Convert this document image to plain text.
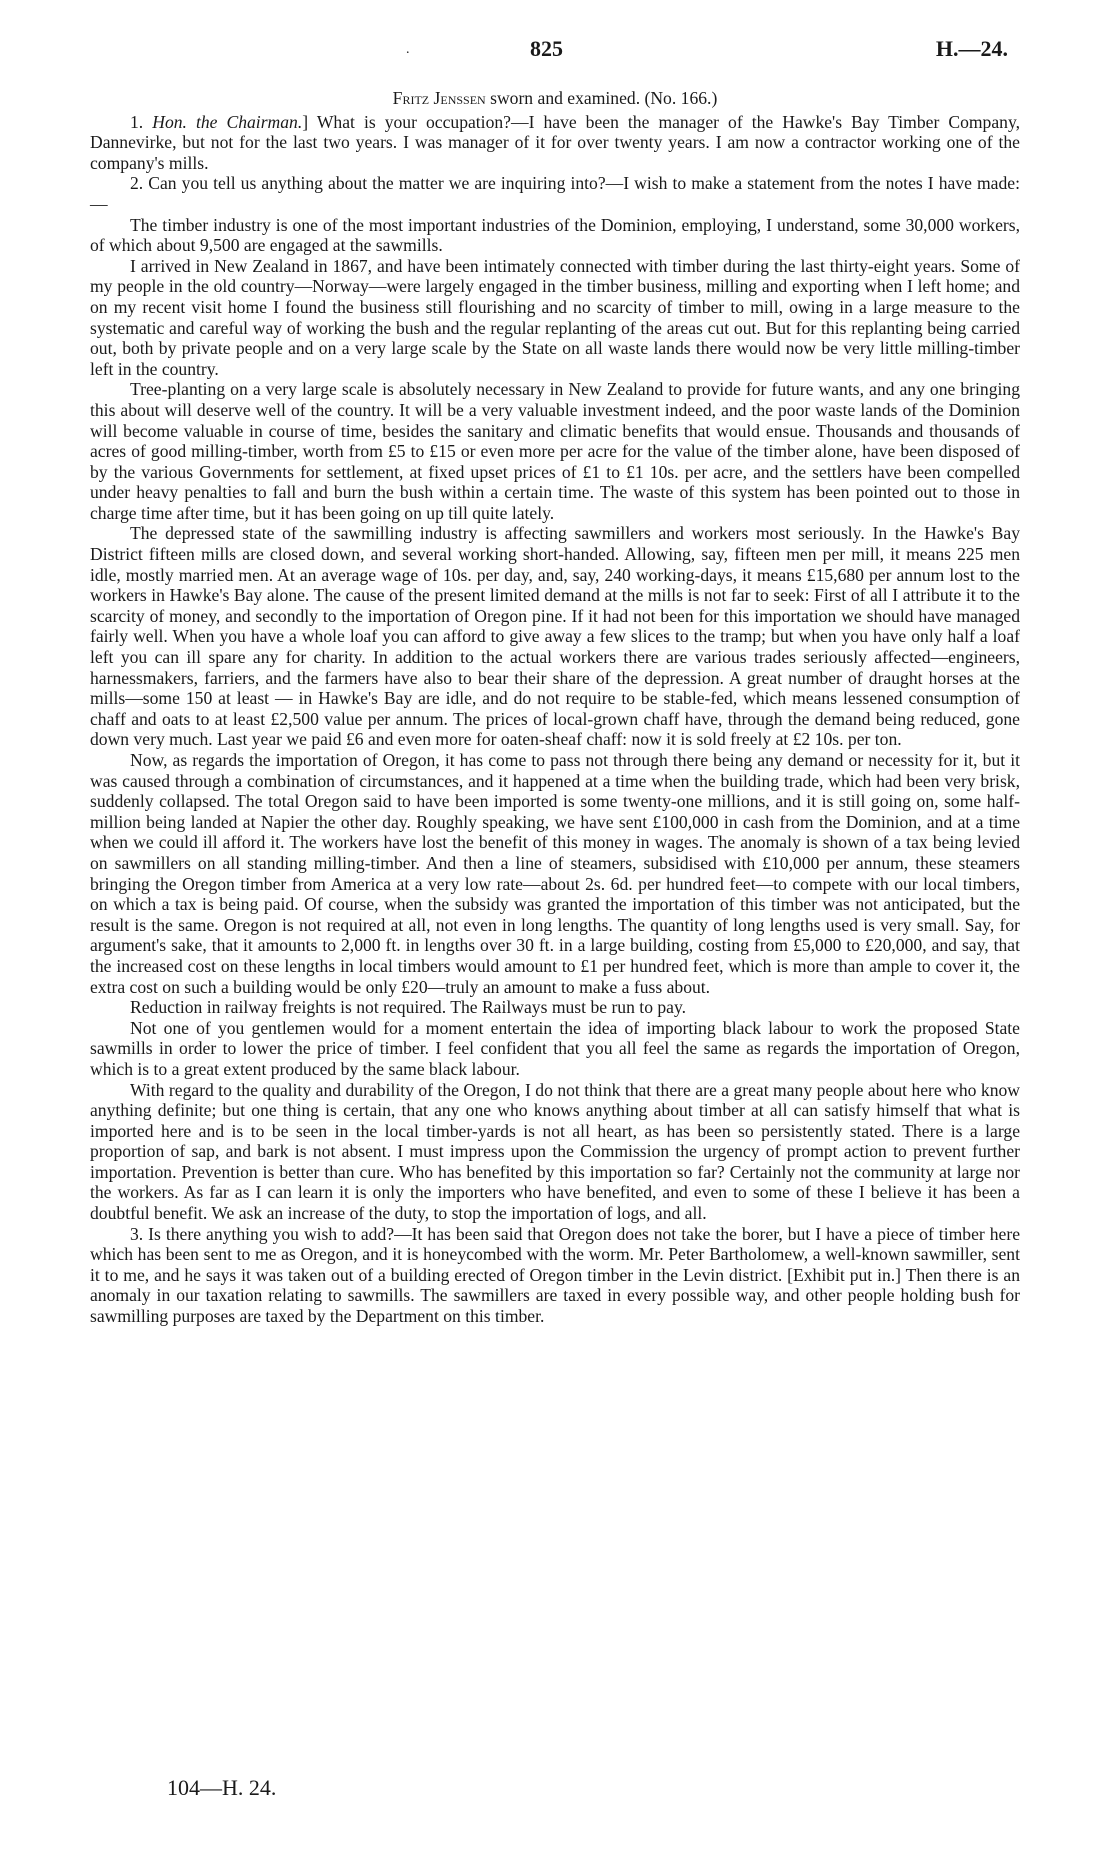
.	825	H.—24.
Fritz Jenssen sworn and examined. (No. 166.)

1. Hon. the Chairman.] What is your occupation?—I have been the manager of the Hawke's Bay Timber Company, Dannevirke, but not for the last two years. I was manager of it for over twenty years. I am now a contractor working one of the company's mills.

2. Can you tell us anything about the matter we are inquiring into?—I wish to make a statement from the notes I have made:—

The timber industry is one of the most important industries of the Dominion, employing, I understand, some 30,000 workers, of which about 9,500 are engaged at the sawmills.

I arrived in New Zealand in 1867, and have been intimately connected with timber during the last thirty-eight years. Some of my people in the old country—Norway—were largely engaged in the timber business, milling and exporting when I left home; and on my recent visit home I found the business still flourishing and no scarcity of timber to mill, owing in a large measure to the systematic and careful way of working the bush and the regular replanting of the areas cut out. But for this replanting being carried out, both by private people and on a very large scale by the State on all waste lands there would now be very little milling-timber left in the country.

Tree-planting on a very large scale is absolutely necessary in New Zealand to provide for future wants, and any one bringing this about will deserve well of the country. It will be a very valuable investment indeed, and the poor waste lands of the Dominion will become valuable in course of time, besides the sanitary and climatic benefits that would ensue. Thousands and thousands of acres of good milling-timber, worth from £5 to £15 or even more per acre for the value of the timber alone, have been disposed of by the various Governments for settlement, at fixed upset prices of £1 to £1 10s. per acre, and the settlers have been compelled under heavy penalties to fall and burn the bush within a certain time. The waste of this system has been pointed out to those in charge time after time, but it has been going on up till quite lately.

The depressed state of the sawmilling industry is affecting sawmillers and workers most seriously. In the Hawke's Bay District fifteen mills are closed down, and several working short-handed. Allowing, say, fifteen men per mill, it means 225 men idle, mostly married men. At an average wage of 10s. per day, and, say, 240 working-days, it means £15,680 per annum lost to the workers in Hawke's Bay alone. The cause of the present limited demand at the mills is not far to seek: First of all I attribute it to the scarcity of money, and secondly to the importation of Oregon pine. If it had not been for this importation we should have managed fairly well. When you have a whole loaf you can afford to give away a few slices to the tramp; but when you have only half a loaf left you can ill spare any for charity. In addition to the actual workers there are various trades seriously affected—engineers, harnessmakers, farriers, and the farmers have also to bear their share of the depression. A great number of draught horses at the mills—some 150 at least — in Hawke's Bay are idle, and do not require to be stable-fed, which means lessened consumption of chaff and oats to at least £2,500 value per annum. The prices of local-grown chaff have, through the demand being reduced, gone down very much. Last year we paid £6 and even more for oaten-sheaf chaff: now it is sold freely at £2 10s. per ton.

Now, as regards the importation of Oregon, it has come to pass not through there being any demand or necessity for it, but it was caused through a combination of circumstances, and it happened at a time when the building trade, which had been very brisk, suddenly collapsed. The total Oregon said to have been imported is some twenty-one millions, and it is still going on, some half-million being landed at Napier the other day. Roughly speaking, we have sent £100,000 in cash from the Dominion, and at a time when we could ill afford it. The workers have lost the benefit of this money in wages. The anomaly is shown of a tax being levied on sawmillers on all standing milling-timber. And then a line of steamers, subsidised with £10,000 per annum, these steamers bringing the Oregon timber from America at a very low rate—about 2s. 6d. per hundred feet—to compete with our local timbers, on which a tax is being paid. Of course, when the subsidy was granted the importation of this timber was not anticipated, but the result is the same. Oregon is not required at all, not even in long lengths. The quantity of long lengths used is very small. Say, for argument's sake, that it amounts to 2,000 ft. in lengths over 30 ft. in a large building, costing from £5,000 to £20,000, and say, that the increased cost on these lengths in local timbers would amount to £1 per hundred feet, which is more than ample to cover it, the extra cost on such a building would be only £20—truly an amount to make a fuss about.

Reduction in railway freights is not required. The Railways must be run to pay.

Not one of you gentlemen would for a moment entertain the idea of importing black labour to work the proposed State sawmills in order to lower the price of timber. I feel confident that you all feel the same as regards the importation of Oregon, which is to a great extent produced by the same black labour.

With regard to the quality and durability of the Oregon, I do not think that there are a great many people about here who know anything definite; but one thing is certain, that any one who knows anything about timber at all can satisfy himself that what is imported here and is to be seen in the local timber-yards is not all heart, as has been so persistently stated. There is a large proportion of sap, and bark is not absent. I must impress upon the Commission the urgency of prompt action to prevent further importation. Prevention is better than cure. Who has benefited by this importation so far? Certainly not the community at large nor the workers. As far as I can learn it is only the importers who have benefited, and even to some of these I believe it has been a doubtful benefit. We ask an increase of the duty, to stop the importation of logs, and all.

3. Is there anything you wish to add?—It has been said that Oregon does not take the borer, but I have a piece of timber here which has been sent to me as Oregon, and it is honeycombed with the worm. Mr. Peter Bartholomew, a well-known sawmiller, sent it to me, and he says it was taken out of a building erected of Oregon timber in the Levin district. [Exhibit put in.] Then there is an anomaly in our taxation relating to sawmills. The sawmillers are taxed in every possible way, and other people holding bush for sawmilling purposes are taxed by the Department on this timber.

104—H. 24.
